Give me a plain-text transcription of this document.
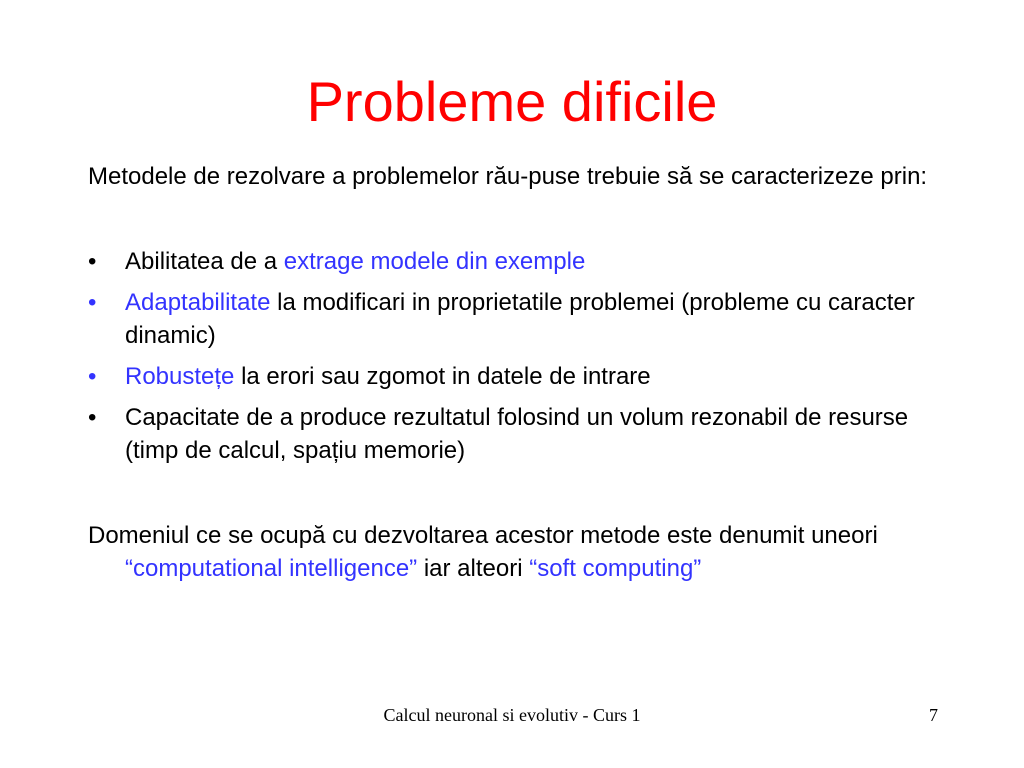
Probleme dificile

Metodele de rezolvare a problemelor rău-puse trebuie să se caracterizeze prin:

• Abilitatea de a extrage modele din exemple
• Adaptabilitate la modificari in proprietatile problemei (probleme cu caracter dinamic)
• Robustețe la erori sau zgomot in datele de intrare
• Capacitate de a produce rezultatul folosind un volum rezonabil de resurse (timp de calcul, spațiu memorie)

Domeniul ce se ocupă cu dezvoltarea acestor metode este denumit uneori “computational intelligence” iar alteori “soft computing”

Calcul neuronal si evolutiv - Curs 1	7
